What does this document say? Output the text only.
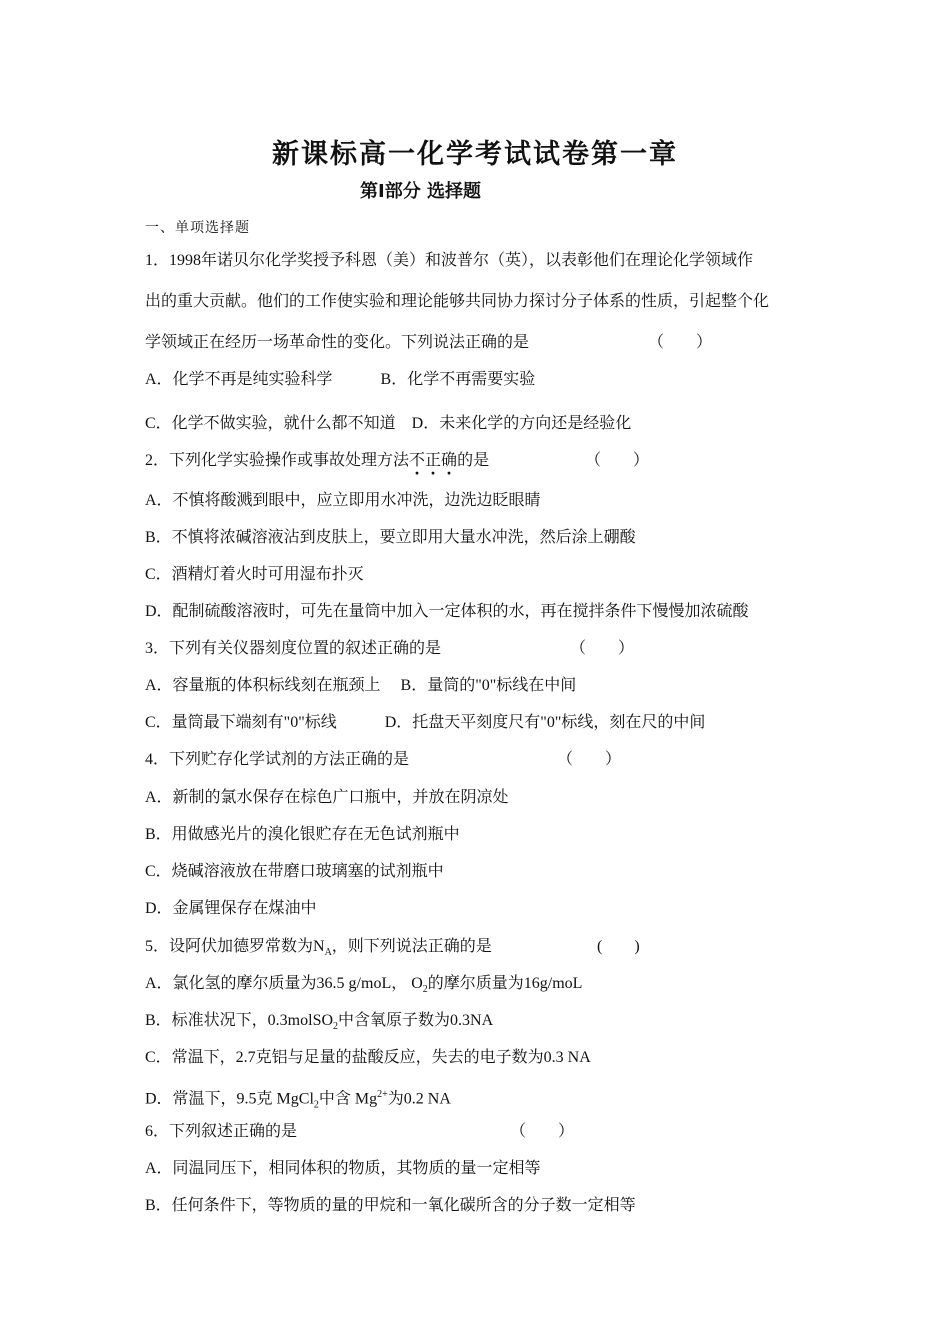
新课标高一化学考试试卷第一章
第Ⅰ部分 选择题
一、单项选择题
1．1998年诺贝尔化学奖授予科恩（美）和波普尔（英），以表彰他们在理论化学领域作
出的重大贡献。他们的工作使实验和理论能够共同协力探讨分子体系的性质，引起整个化
学领域正在经历一场革命性的变化。下列说法正确的是	（　　）
A．化学不再是纯实验科学　　　B．化学不再需要实验
C．化学不做实验，就什么都不知道　D．未来化学的方向还是经验化
2．下列化学实验操作或事故处理方法不正确的是	（　　）
A．不慎将酸溅到眼中，应立即用水冲洗，边洗边眨眼睛
B．不慎将浓碱溶液沾到皮肤上，要立即用大量水冲洗，然后涂上硼酸
C．酒精灯着火时可用湿布扑灭
D．配制硫酸溶液时，可先在量筒中加入一定体积的水，再在搅拌条件下慢慢加浓硫酸
3．下列有关仪器刻度位置的叙述正确的是	（　　）
A．容量瓶的体积标线刻在瓶颈上　 B．量筒的"0"标线在中间
C．量筒最下端刻有"0"标线　　　D．托盘天平刻度尺有"0"标线，刻在尺的中间
4．下列贮存化学试剂的方法正确的是	（　　）
A．新制的氯水保存在棕色广口瓶中，并放在阴凉处
B．用做感光片的溴化银贮存在无色试剂瓶中
C．烧碱溶液放在带磨口玻璃塞的试剂瓶中
D．金属锂保存在煤油中
5．设阿伏加德罗常数为$N_A$，则下列说法正确的是	(　　)
A．氯化氢的摩尔质量为36.5 g/moL， $O_2$的摩尔质量为16g/moL
B．标准状况下，0.3molSO$_2$中含氧原子数为0.3NA
C．常温下，2.7克铝与足量的盐酸反应，失去的电子数为0.3 NA
D．常温下，9.5克 MgCl$_2$中含 $Mg^{2+}$为0.2 NA
6．下列叙述正确的是	（　　）
A．同温同压下，相同体积的物质，其物质的量一定相等
B．任何条件下，等物质的量的甲烷和一氧化碳所含的分子数一定相等
